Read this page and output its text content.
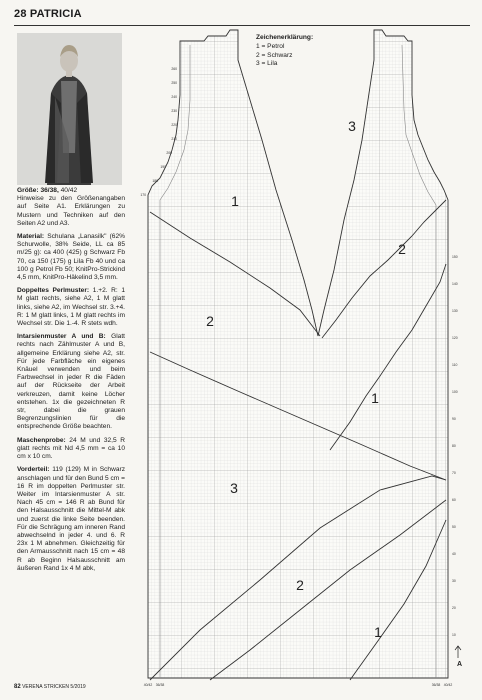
28 PATRICIA

Größe: 36/38, 40/42
Hinweise zu den Größenangaben auf Seite A1. Erklärungen zu Mustern und Techniken auf den Seiten A2 und A3.

Material: Schulana „Lanasilk" (62% Schurwolle, 38% Seide, LL ca 85 m/25 g): ca 400 (425) g Schwarz Fb 70, ca 150 (175) g Lila Fb 40 und ca 100 g Petrol Fb 50; KnitPro-Strickind 4,5 mm, KnitPro-Häkelind 3,5 mm.

Doppeltes Perlmuster: 1.+2. R: 1 M glatt rechts, siehe A2, 1 M glatt links, siehe A2, im Wechsel str. 3.+4. R: 1 M glatt links, 1 M glatt rechts im Wechsel str. Die 1.-4. R stets wdh.

Intarsienmuster A und B: Glatt rechts nach Zählmuster A und B, allgemeine Erklärung siehe A2, str. Für jede Farbfläche ein eigenes Knäuel verwenden und beim Farbwechsel in jeder R die Fäden auf der Rückseite der Arbeit verkreuzen, damit keine Löcher entstehen. 1x die gezeichneten R str, dabei die grauen Begrenzungslinien für die entsprechende Größe beachten.

Maschenprobe: 24 M und 32,5 R glatt rechts mit Nd 4,5 mm = ca 10 cm x 10 cm.

Vorderteil: 119 (129) M in Schwarz anschlagen und für den Bund 5 cm = 16 R im doppelten Perlmuster str. Weiter im Intarsienmuster A str. Nach 45 cm = 146 R ab Bund für den Halsausschnitt die Mittel-M abk und zuerst die linke Seite beenden. Für die Schrägung am inneren Rand abwechselnd in jeder 4. und 6. R 23x 1 M abnehmen. Gleichzeitig für den Armausschnitt nach 15 cm = 48 R ab Beginn Halsausschnitt am äußeren Rand 1x 4 M abk,

1
3
2
2
1
3
2
1
260
250
240
230
220
210
200
190
180
170
150
140
130
120
110
100
90
80
70
60
50
40
30
20
10
40/42 36/38	36/38 40/42
A
Zeichenerklärung:
1 = Petrol
2 = Schwarz
3 = Lila
82 VERENA STRICKEN 5/2019
